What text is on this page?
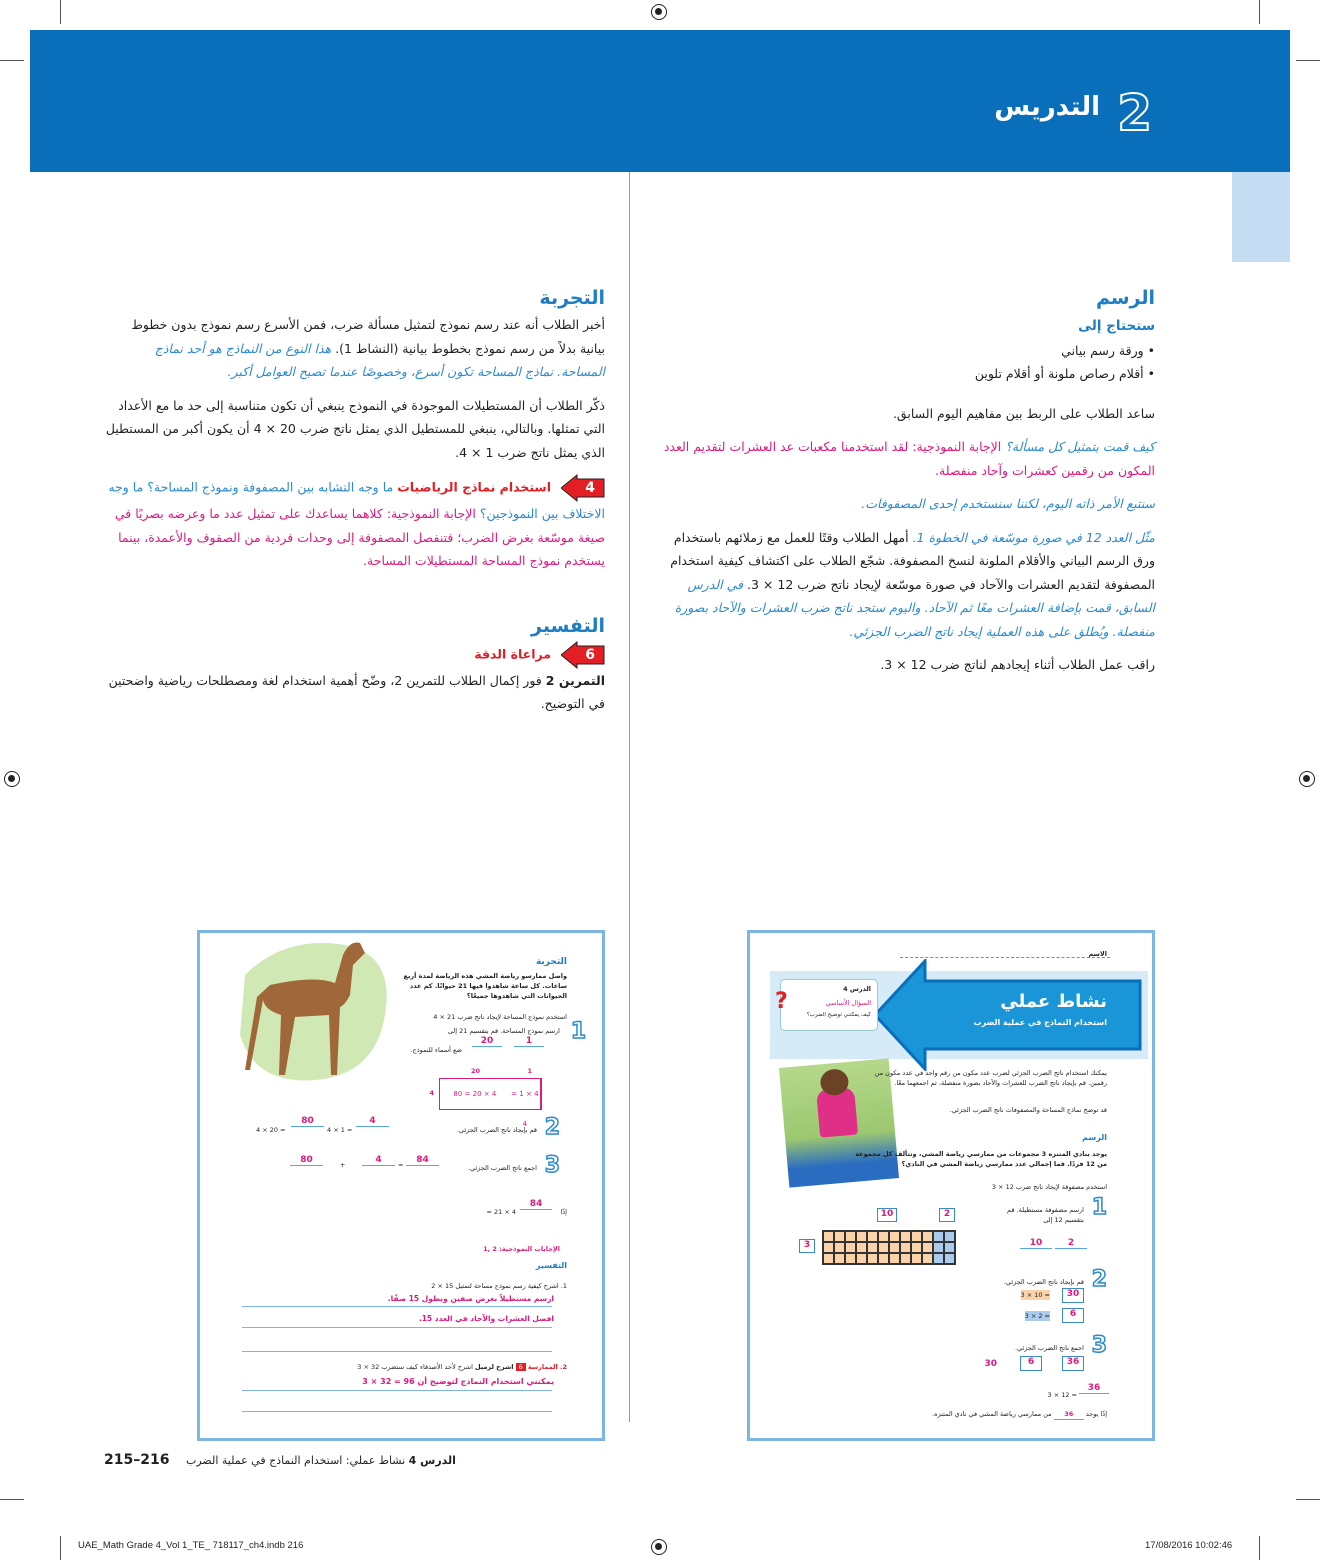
التدريس 2
الرسم
ستحتاج إلى
• ورقة رسم بياني
• أقلام رصاص ملونة أو أقلام تلوين

ساعد الطلاب على الربط بين مفاهيم اليوم السابق.

كيف قمت بتمثيل كل مسألة؟ الإجابة النموذجية: لقد استخدمنا مكعبات عد العشرات لتقديم العدد المكون من رقمين كعشرات وآحاد منفصلة.

سنتبع الأمر ذاته اليوم، لكننا سنستخدم إحدى المصفوفات.

مثّل العدد 12 في صورة موسّعة في الخطوة 1. أمهل الطلاب وقتًا للعمل مع زملائهم باستخدام ورق الرسم البياني والأقلام الملونة لنسخ المصفوفة. شجّع الطلاب على اكتشاف كيفية استخدام المصفوفة لتقديم العشرات والآحاد في صورة موسّعة لإيجاد ناتج ضرب 12 × 3. في الدرس السابق، قمت بإضافة العشرات معًا ثم الآحاد. واليوم ستجد ناتج ضرب العشرات والآحاد بصورة منفصلة. ويُطلق على هذه العملية إيجاد ناتج الضرب الجزئي.

راقب عمل الطلاب أثناء إيجادهم لناتج ضرب 12 × 3.

التجربة

أخبر الطلاب أنه عند رسم نموذج لتمثيل مسألة ضرب، فمن الأسرع رسم نموذج بدون خطوط بيانية بدلاً من رسم نموذج بخطوط بيانية (النشاط 1). هذا النوع من النماذج هو أحد نماذج المساحة. نماذج المساحة تكون أسرع، وخصوصًا عندما تصبح العوامل أكبر.

ذكّر الطلاب أن المستطيلات الموجودة في النموذج ينبغي أن تكون متناسبة إلى حد ما مع الأعداد التي تمثلها. وبالتالي، ينبغي للمستطيل الذي يمثل ناتج ضرب 20 × 4 أن يكون أكبر من المستطيل الذي يمثل ناتج ضرب 1 × 4.

4
استخدام نماذج الرياضيات ما وجه التشابه بين المصفوفة ونموذج المساحة؟ ما وجه الاختلاف بين النموذجين؟ الإجابة النموذجية: كلاهما يساعدك على تمثيل عدد ما وعرضه بصريًا في صيغة موسّعة بغرض الضرب؛ فتنفصل المصفوفة إلى وحدات فردية من الصفوف والأعمدة، بينما يستخدم نموذج المساحة المستطيلات المساحة.

التفسير
6
مراعاة الدقة

التمرين 2 فور إكمال الطلاب للتمرين 2، وضّح أهمية استخدام لغة ومصطلحات رياضية واضحتين في التوضيح.

التجربة
واصل ممارسو رياضة المشي هذه الرياضة لمدة أربع ساعات. كل ساعة شاهدوا فيها 21 حيوانًا. كم عدد الحيوانات التي شاهدوها جميعًا؟
استخدم نموذج المساحة لإيجاد ناتج ضرب 21 × 4
1
ارسم نموذج المساحة. قم بتقسيم 21 إلى
1
20
ضع أسماء للنموذج.
1
20
4	4 × 1 = 4
4 × 20 = 80
2
قم بإيجاد ناتج الضرب الجزئي.
4 × 20 =
80
4 × 1 =
4
3
اجمع ناتج الضرب الجزئي.
80	+	4	=	84
إذًا
84
4 × 21 =
الإجابات النموذجية: 2 ,1
التفسير
1. اشرح كيفية رسم نموذج مساحة لتمثيل 15 × 2
ارسم مستطيلاً بعرض صفين وبطول 15 صفًا.
افصل العشرات والآحاد في العدد 15.
2. الممارسة 6 اشرح لزميل اشرح لأحد الأصدقاء كيف ستضرب 32 × 3
يمكنني استخدام النماذج لتوضيح أن 96 = 32 × 3
الاسم
نشاط عملي
استخدام النماذج في عملية الضرب
الدرس 4
السؤال الأساسي
كيف يمكنني توضيح الضرب؟
?
يمكنك استخدام ناتج الضرب الجزئي لضرب عدد مكون من رقم واحد في عدد مكون من رقمين. قم بإيجاد ناتج الضرب للعشرات والآحاد بصورة منفصلة، ثم اجمعهما معًا.
قد توضح نماذج المساحة والمصفوفات ناتج الضرب الجزئي.
الرسم
يوجد بنادي المتنزه 3 مجموعات من ممارسي رياضة المشي، وتتألف كل مجموعة من 12 فردًا. فما إجمالي عدد ممارسي رياضة المشي في النادي؟
استخدم مصفوفة لإيجاد ناتج ضرب 12 × 3
1
ارسم مصفوفة مستطيلة. قم بتقسيم 12 إلى
2
10
10	2
3
2
قم بإيجاد ناتج الضرب الجزئي.
3 × 10 =	30
3 × 2 =	6
3
اجمع ناتج الضرب الجزئي.
30	6	36
3 × 12 =
36
إذًا يوجد 36 من ممارسي رياضة المشي في نادي المتنزه.
215–216	الدرس 4 نشاط عملي: استخدام النماذج في عملية الضرب
UAE_Math Grade 4_Vol 1_TE_ 718117_ch4.indb 216	17/08/2016 10:02:46
